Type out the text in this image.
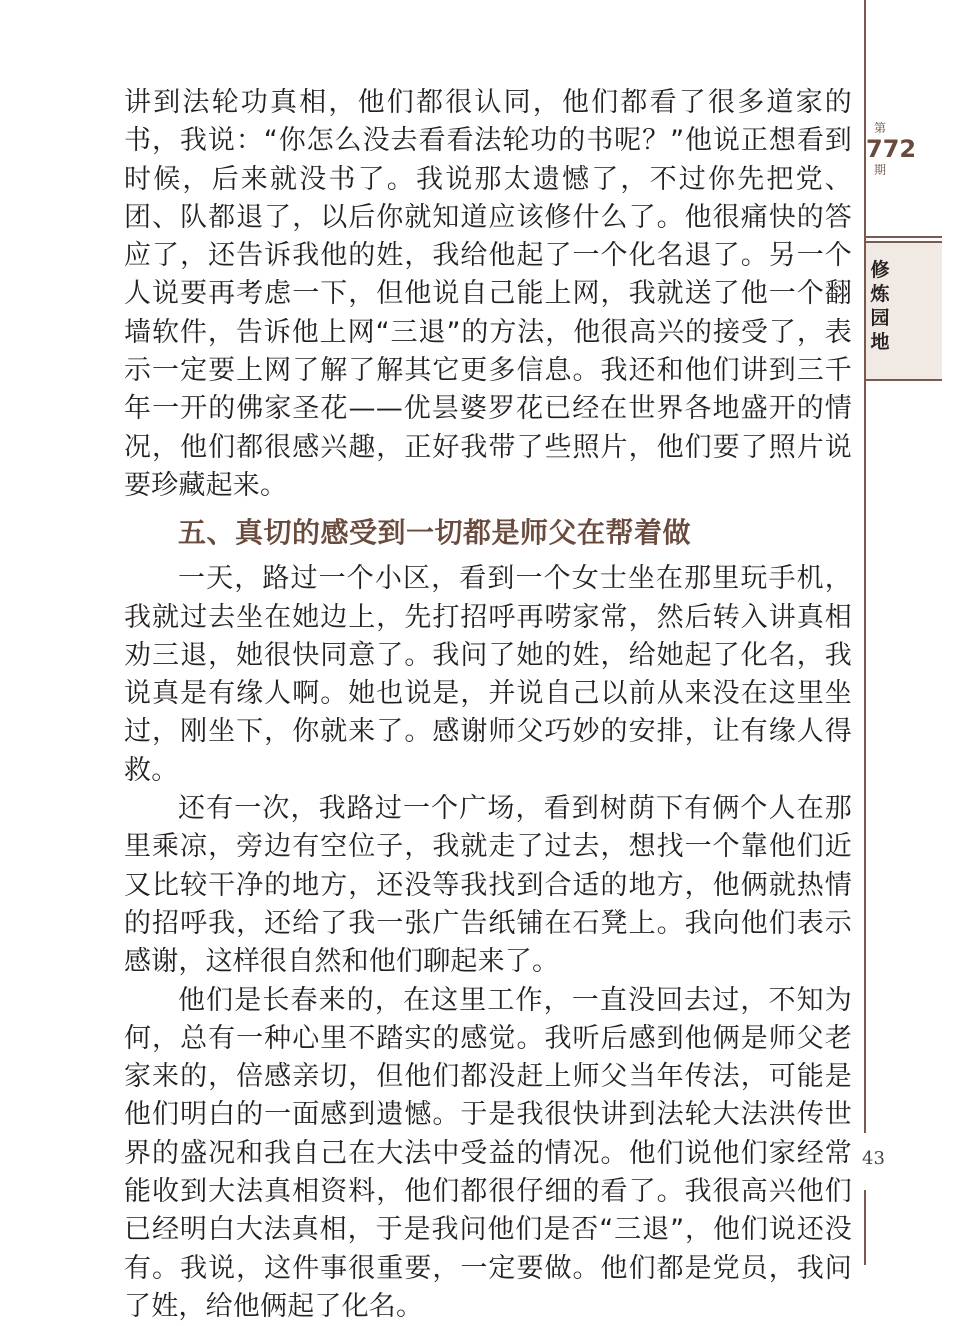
讲到法轮功真相，他们都很认同，他们都看了很多道家的书，我说：“你怎么没去看看法轮功的书呢？”他说正想看到时候，后来就没书了。我说那太遗憾了，不过你先把党、团、队都退了，以后你就知道应该修什么了。他很痛快的答应了，还告诉我他的姓，我给他起了一个化名退了。另一个人说要再考虑一下，但他说自己能上网，我就送了他一个翻墙软件，告诉他上网“三退”的方法，他很高兴的接受了，表示一定要上网了解了解其它更多信息。我还和他们讲到三千年一开的佛家圣花——优昙婆罗花已经在世界各地盛开的情况，他们都很感兴趣，正好我带了些照片，他们要了照片说要珍藏起来。

五、真切的感受到一切都是师父在帮着做

一天，路过一个小区，看到一个女士坐在那里玩手机，我就过去坐在她边上，先打招呼再唠家常，然后转入讲真相劝三退，她很快同意了。我问了她的姓，给她起了化名，我说真是有缘人啊。她也说是，并说自己以前从来没在这里坐过，刚坐下，你就来了。感谢师父巧妙的安排，让有缘人得救。

还有一次，我路过一个广场，看到树荫下有俩个人在那里乘凉，旁边有空位子，我就走了过去，想找一个靠他们近又比较干净的地方，还没等我找到合适的地方，他俩就热情的招呼我，还给了我一张广告纸铺在石凳上。我向他们表示感谢，这样很自然和他们聊起来了。

他们是长春来的，在这里工作，一直没回去过，不知为何，总有一种心里不踏实的感觉。我听后感到他俩是师父老家来的，倍感亲切，但他们都没赶上师父当年传法，可能是他们明白的一面感到遗憾。于是我很快讲到法轮大法洪传世界的盛况和我自己在大法中受益的情况。他们说他们家经常能收到大法真相资料，他们都很仔细的看了。我很高兴他们已经明白大法真相，于是我问他们是否“三退”，他们说还没有。我说，这件事很重要，一定要做。他们都是党员，我问了姓，给他俩起了化名。

第
772
期
修炼园地
43
